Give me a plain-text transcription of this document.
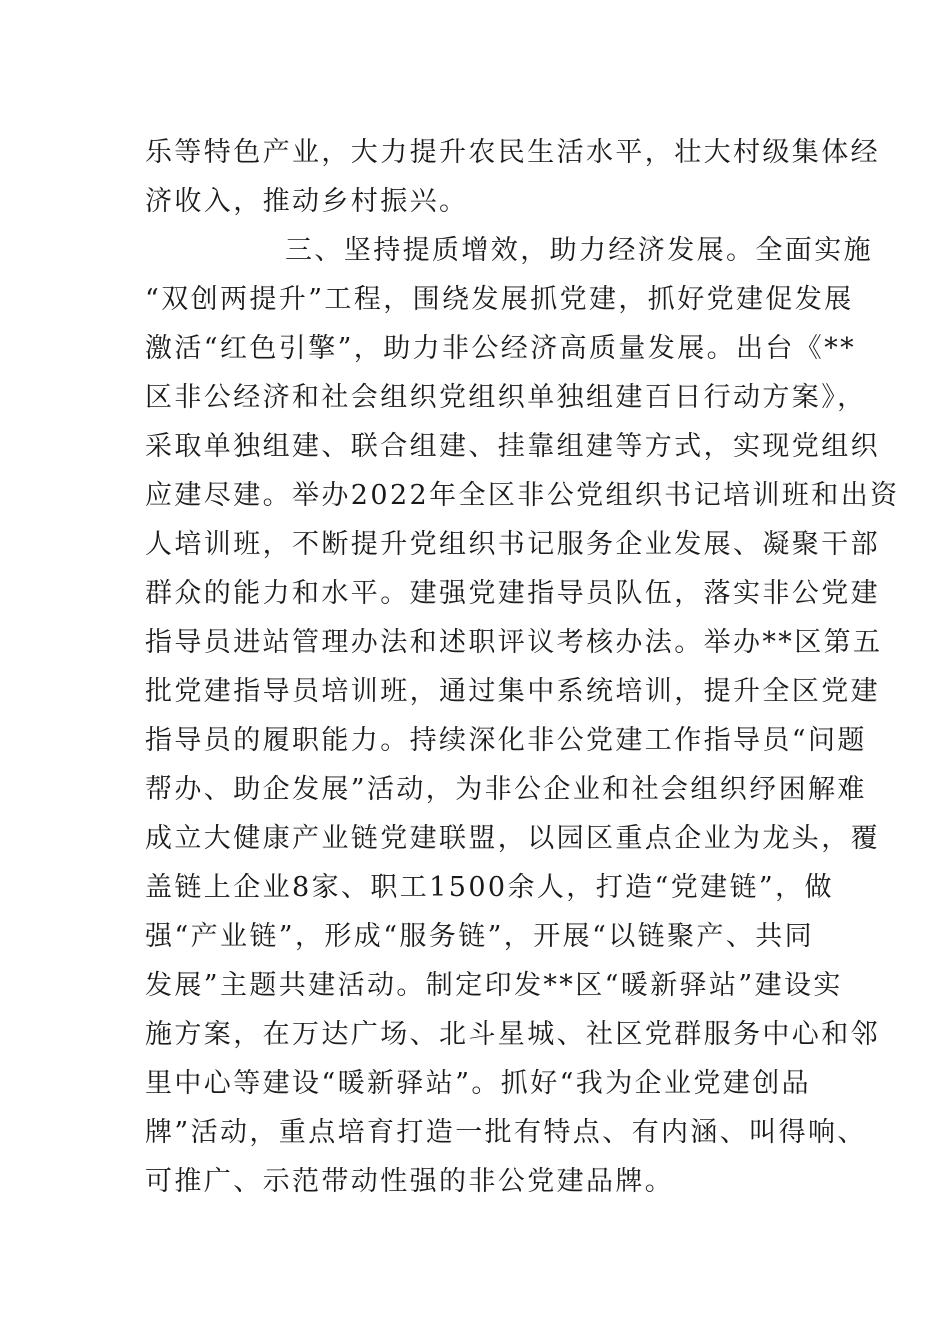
乐等特色产业，大力提升农民生活水平，壮大村级集体经
济收入，推动乡村振兴。
三、坚持提质增效，助力经济发展。全面实施
“双创两提升”工程，围绕发展抓党建，抓好党建促发展
激活“红色引擎”，助力非公经济高质量发展。出台《**
区非公经济和社会组织党组织单独组建百日行动方案》，
采取单独组建、联合组建、挂靠组建等方式，实现党组织
应建尽建。举办2022年全区非公党组织书记培训班和出资
人培训班，不断提升党组织书记服务企业发展、凝聚干部
群众的能力和水平。建强党建指导员队伍，落实非公党建
指导员进站管理办法和述职评议考核办法。举办**区第五
批党建指导员培训班，通过集中系统培训，提升全区党建
指导员的履职能力。持续深化非公党建工作指导员“问题
帮办、助企发展”活动，为非公企业和社会组织纾困解难
成立大健康产业链党建联盟，以园区重点企业为龙头，覆
盖链上企业8家、职工1500余人，打造“党建链”，做
强“产业链”，形成“服务链”，开展“以链聚产、共同
发展”主题共建活动。制定印发**区“暖新驿站”建设实
施方案，在万达广场、北斗星城、社区党群服务中心和邻
里中心等建设“暖新驿站”。抓好“我为企业党建创品
牌”活动，重点培育打造一批有特点、有内涵、叫得响、
可推广、示范带动性强的非公党建品牌。
